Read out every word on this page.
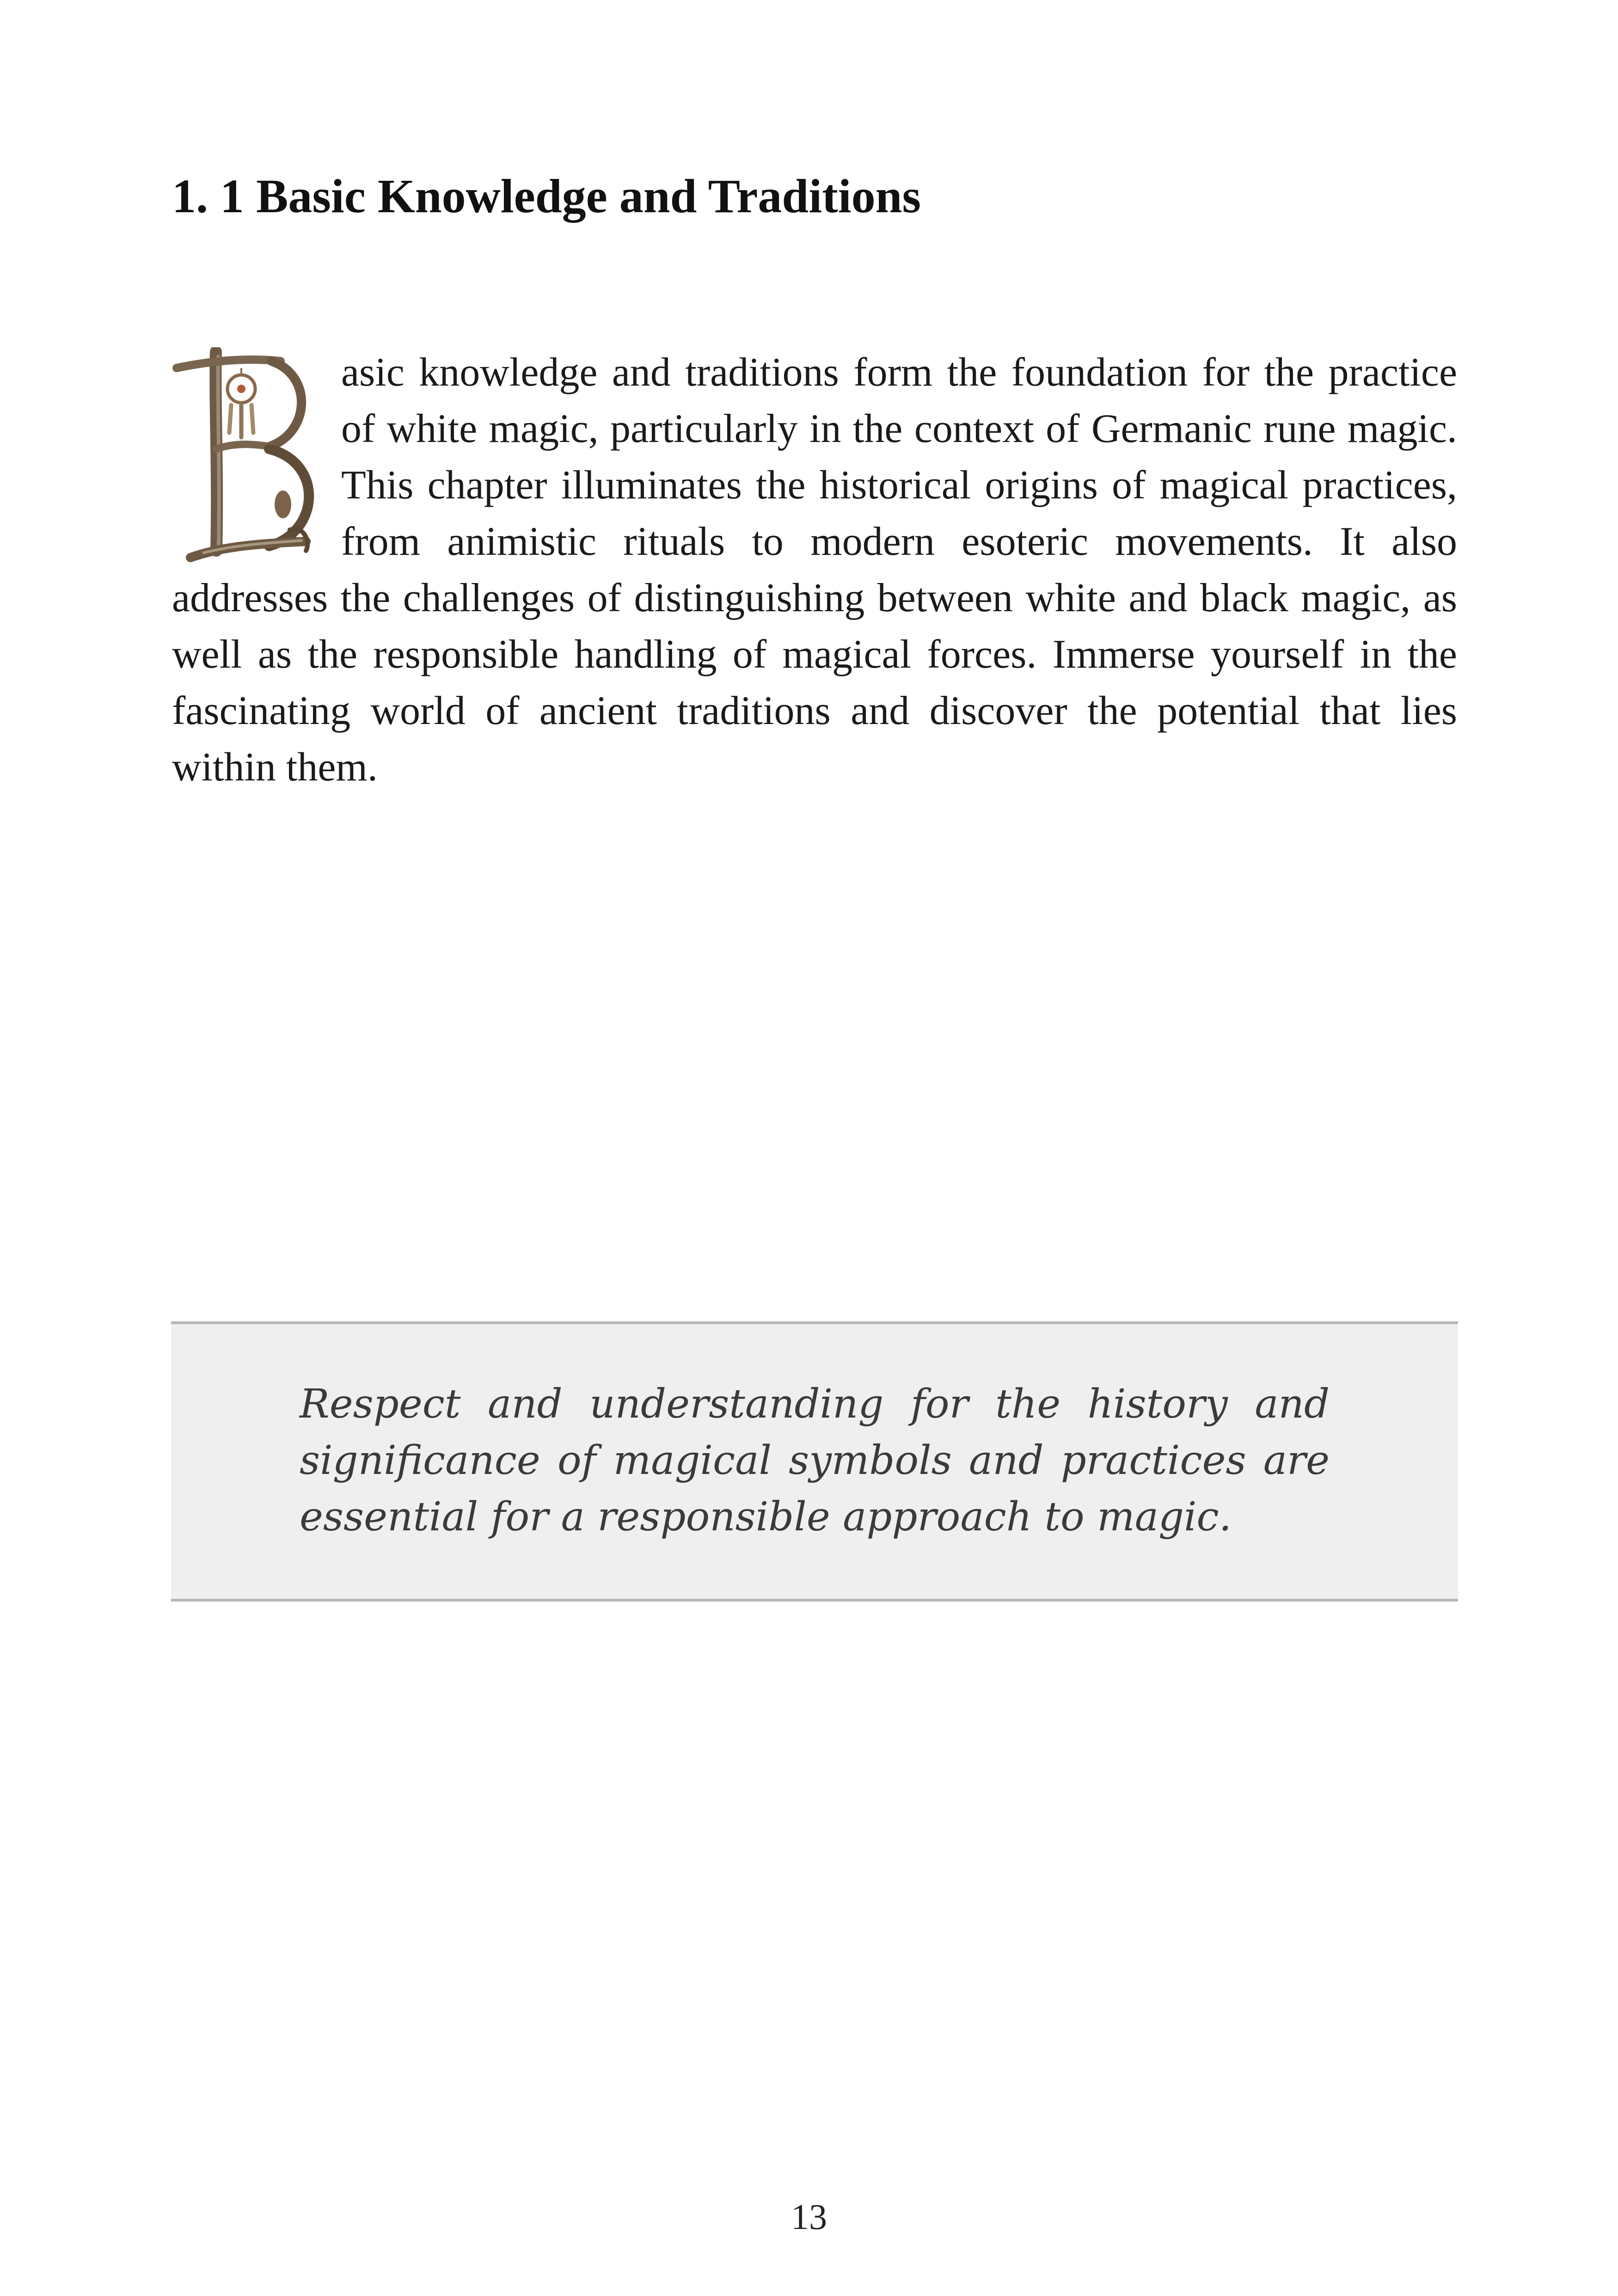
1. 1 Basic Knowledge and Traditions

asic knowledge and traditions form the foundation for the practice of white magic, particularly in the context of Germanic rune magic. This chapter illuminates the historical origins of magical practices, from animistic rituals to modern esoteric movements. It also addresses the challenges of distinguishing between white and black magic, as well as the responsible handling of magical forces. Immerse yourself in the fascinating world of ancient traditions and discover the potential that lies within them.

Respect and understanding for the history and significance of magical symbols and practices are essential for a responsible approach to magic.

13
